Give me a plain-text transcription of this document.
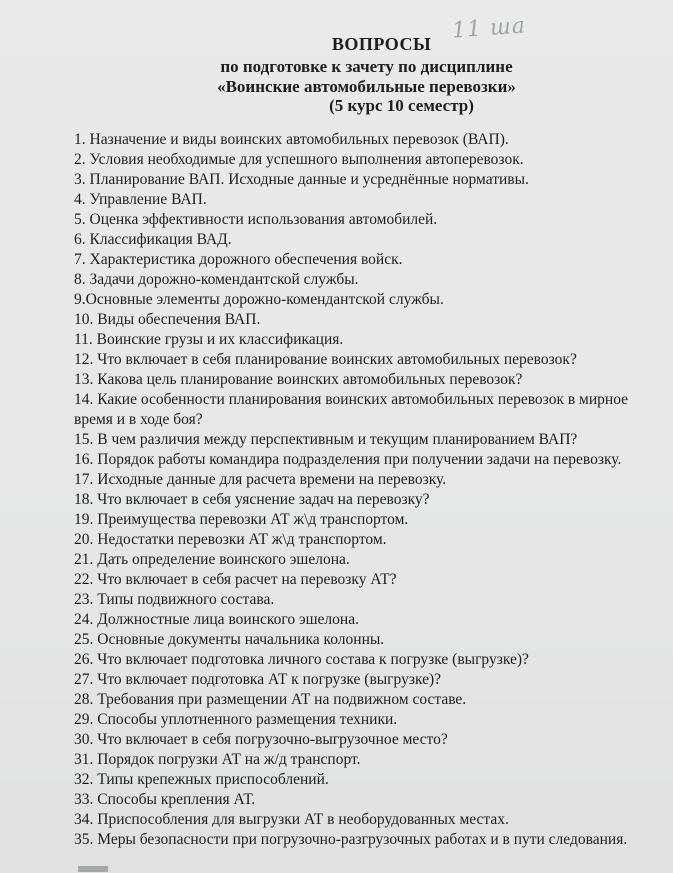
11 ша
ВОПРОСЫ
по подготовке к зачету по дисциплине
«Воинские автомобильные перевозки»
(5 курс 10 семестр)
1. Назначение и виды воинских автомобильных перевозок (ВАП).
2. Условия необходимые для успешного выполнения автоперевозок.
3. Планирование ВАП. Исходные данные и усреднённые нормативы.
4. Управление ВАП.
5. Оценка эффективности использования автомобилей.
6. Классификация ВАД.
7. Характеристика дорожного обеспечения войск.
8. Задачи дорожно-комендантской службы.
9.Основные элементы дорожно-комендантской службы.
10. Виды обеспечения ВАП.
11. Воинские грузы и их классификация.
12. Что включает в себя планирование воинских автомобильных перевозок?
13. Какова цель планирование воинских автомобильных перевозок?
14. Какие особенности планирования воинских автомобильных перевозок в мирное время и в ходе боя?
15. В чем различия между перспективным и текущим планированием ВАП?
16. Порядок работы командира подразделения при получении задачи на перевозку.
17. Исходные данные для расчета времени на перевозку.
18. Что включает в себя уяснение задач на перевозку?
19. Преимущества перевозки АТ ж\д транспортом.
20. Недостатки перевозки АТ ж\д транспортом.
21. Дать определение воинского эшелона.
22. Что включает в себя расчет на перевозку АТ?
23. Типы подвижного состава.
24. Должностные лица воинского эшелона.
25. Основные документы начальника колонны.
26. Что включает подготовка личного состава к погрузке (выгрузке)?
27. Что включает подготовка АТ к погрузке (выгрузке)?
28. Требования при размещении АТ на подвижном составе.
29. Способы уплотненного размещения техники.
30. Что включает в себя погрузочно-выгрузочное место?
31. Порядок погрузки АТ на ж/д транспорт.
32. Типы крепежных приспособлений.
33. Способы крепления АТ.
34. Приспособления для выгрузки АТ в необорудованных местах.
35. Меры безопасности при погрузочно-разгрузочных работах и в пути следования.
